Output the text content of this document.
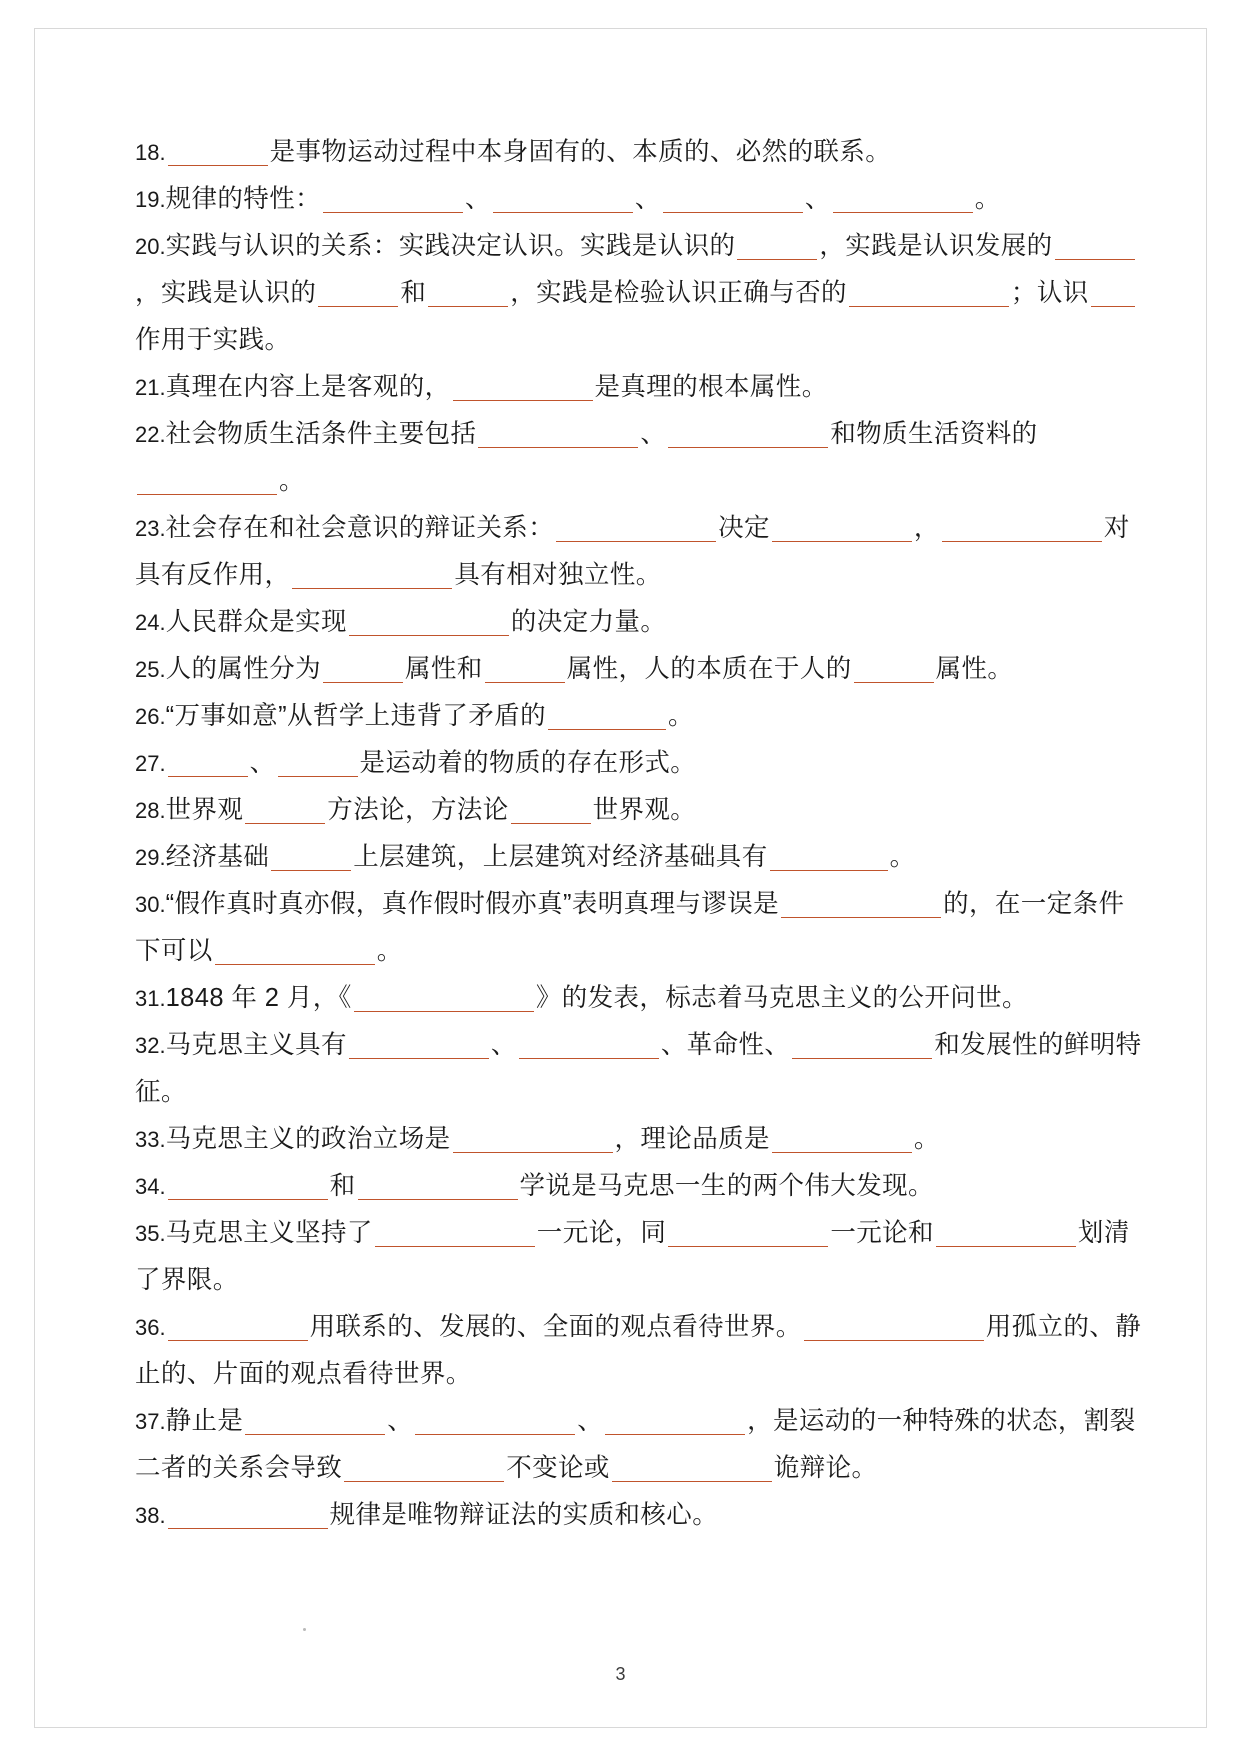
18.	是事物运动过程中本身固有的、本质的、必然的联系。
19.规律的特性：	、	、	、	。
20.实践与认识的关系：实践决定认识。实践是认识的	，实践是认识发展的，实践是认识的	和	，实践是检验认识正确与否的	；认识作用于实践。
21.真理在内容上是客观的，	是真理的根本属性。
22.社会物质生活条件主要包括	、	和物质生活资料的。
23.社会存在和社会意识的辩证关系：	决定	，	对具有反作用，	具有相对独立性。
24.人民群众是实现	的决定力量。
25.人的属性分为	属性和	属性，人的本质在于人的	属性。
26.“万事如意”从哲学上违背了矛盾的	。
27.	、	是运动着的物质的存在形式。
28.世界观	方法论，方法论	世界观。
29.经济基础	上层建筑，上层建筑对经济基础具有	。
30.“假作真时真亦假，真作假时假亦真”表明真理与谬误是	的，在一定条件下可以	。
31.1848 年 2 月，《	》的发表，标志着马克思主义的公开问世。
32.马克思主义具有	、	、革命性、	和发展性的鲜明特征。
33.马克思主义的政治立场是	，理论品质是	。
34.	和	学说是马克思一生的两个伟大发现。
35.马克思主义坚持了	一元论，同	一元论和	划清了界限。
36.	用联系的、发展的、全面的观点看待世界。	用孤立的、静止的、片面的观点看待世界。
37.静止是	、	、	，是运动的一种特殊的状态，割裂二者的关系会导致	不变论或	诡辩论。
38.	规律是唯物辩证法的实质和核心。
3
